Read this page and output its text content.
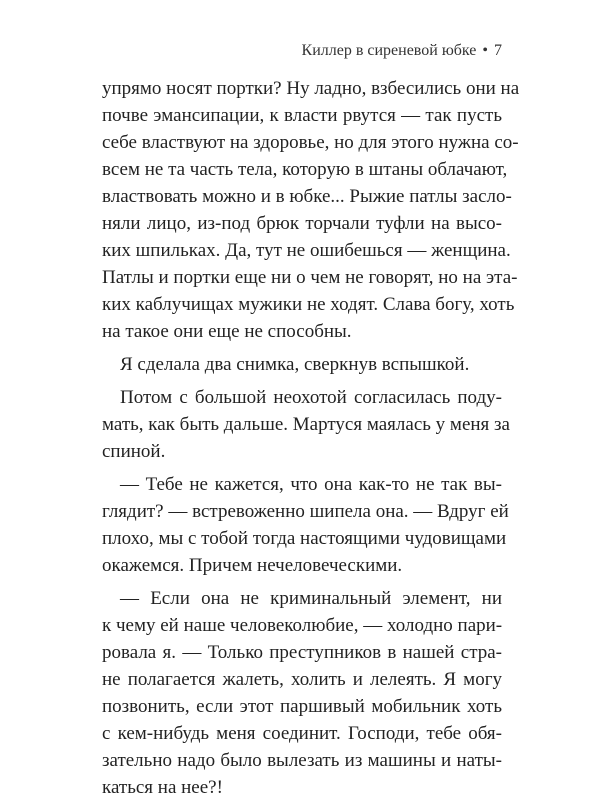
Киллер в сиреневой юбке • 7
упрямо носят портки? Ну ладно, взбесились они на
почве эмансипации, к власти рвутся — так пусть
себе властвуют на здоровье, но для этого нужна со-
всем не та часть тела, которую в штаны облачают,
властвовать можно и в юбке... Рыжие патлы засло-
няли лицо, из-под брюк торчали туфли на высо-
ких шпильках. Да, тут не ошибешься — женщина.
Патлы и портки еще ни о чем не говорят, но на эта-
ких каблучищах мужики не ходят. Слава богу, хоть
на такое они еще не способны.
Я сделала два снимка, сверкнув вспышкой.
Потом с большой неохотой согласилась поду-
мать, как быть дальше. Мартуся маялась у меня за
спиной.
— Тебе не кажется, что она как-то не так вы-
глядит? — встревоженно шипела она. — Вдруг ей
плохо, мы с тобой тогда настоящими чудовищами
окажемся. Причем нечеловеческими.
— Если она не криминальный элемент, ни
к чему ей наше человеколюбие, — холодно пари-
ровала я. — Только преступников в нашей стра-
не полагается жалеть, холить и лелеять. Я могу
позвонить, если этот паршивый мобильник хоть
с кем-нибудь меня соединит. Господи, тебе обя-
зательно надо было вылезать из машины и наты-
каться на нее?!
